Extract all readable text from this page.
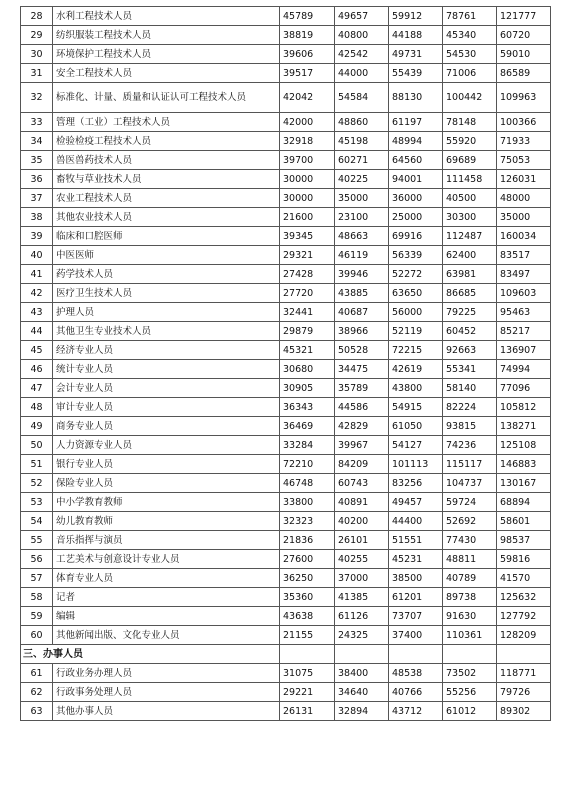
28	水利工程技术人员	45789	49657	59912	78761	121777
29	纺织服装工程技术人员	38819	40800	44188	45340	60720
30	环境保护工程技术人员	39606	42542	49731	54530	59010
31	安全工程技术人员	39517	44000	55439	71006	86589
32	标准化、计量、质量和认证认可工程技术人员	42042	54584	88130	100442	109963
33	管理（工业）工程技术人员	42000	48860	61197	78148	100366
34	检验检疫工程技术人员	32918	45198	48994	55920	71933
35	兽医兽药技术人员	39700	60271	64560	69689	75053
36	畜牧与草业技术人员	30000	40225	94001	111458	126031
37	农业工程技术人员	30000	35000	36000	40500	48000
38	其他农业技术人员	21600	23100	25000	30300	35000
39	临床和口腔医师	39345	48663	69916	112487	160034
40	中医医师	29321	46119	56339	62400	83517
41	药学技术人员	27428	39946	52272	63981	83497
42	医疗卫生技术人员	27720	43885	63650	86685	109603
43	护理人员	32441	40687	56000	79225	95463
44	其他卫生专业技术人员	29879	38966	52119	60452	85217
45	经济专业人员	45321	50528	72215	92663	136907
46	统计专业人员	30680	34475	42619	55341	74994
47	会计专业人员	30905	35789	43800	58140	77096
48	审计专业人员	36343	44586	54915	82224	105812
49	商务专业人员	36469	42829	61050	93815	138271
50	人力资源专业人员	33284	39967	54127	74236	125108
51	银行专业人员	72210	84209	101113	115117	146883
52	保险专业人员	46748	60743	83256	104737	130167
53	中小学教育教师	33800	40891	49457	59724	68894
54	幼儿教育教师	32323	40200	44400	52692	58601
55	音乐指挥与演员	21836	26101	51551	77430	98537
56	工艺美术与创意设计专业人员	27600	40255	45231	48811	59816
57	体育专业人员	36250	37000	38500	40789	41570
58	记者	35360	41385	61201	89738	125632
59	编辑	43638	61126	73707	91630	127792
60	其他新闻出版、文化专业人员	21155	24325	37400	110361	128209
三、办事人员						
61	行政业务办理人员	31075	38400	48538	73502	118771
62	行政事务处理人员	29221	34640	40766	55256	79726
63	其他办事人员	26131	32894	43712	61012	89302
